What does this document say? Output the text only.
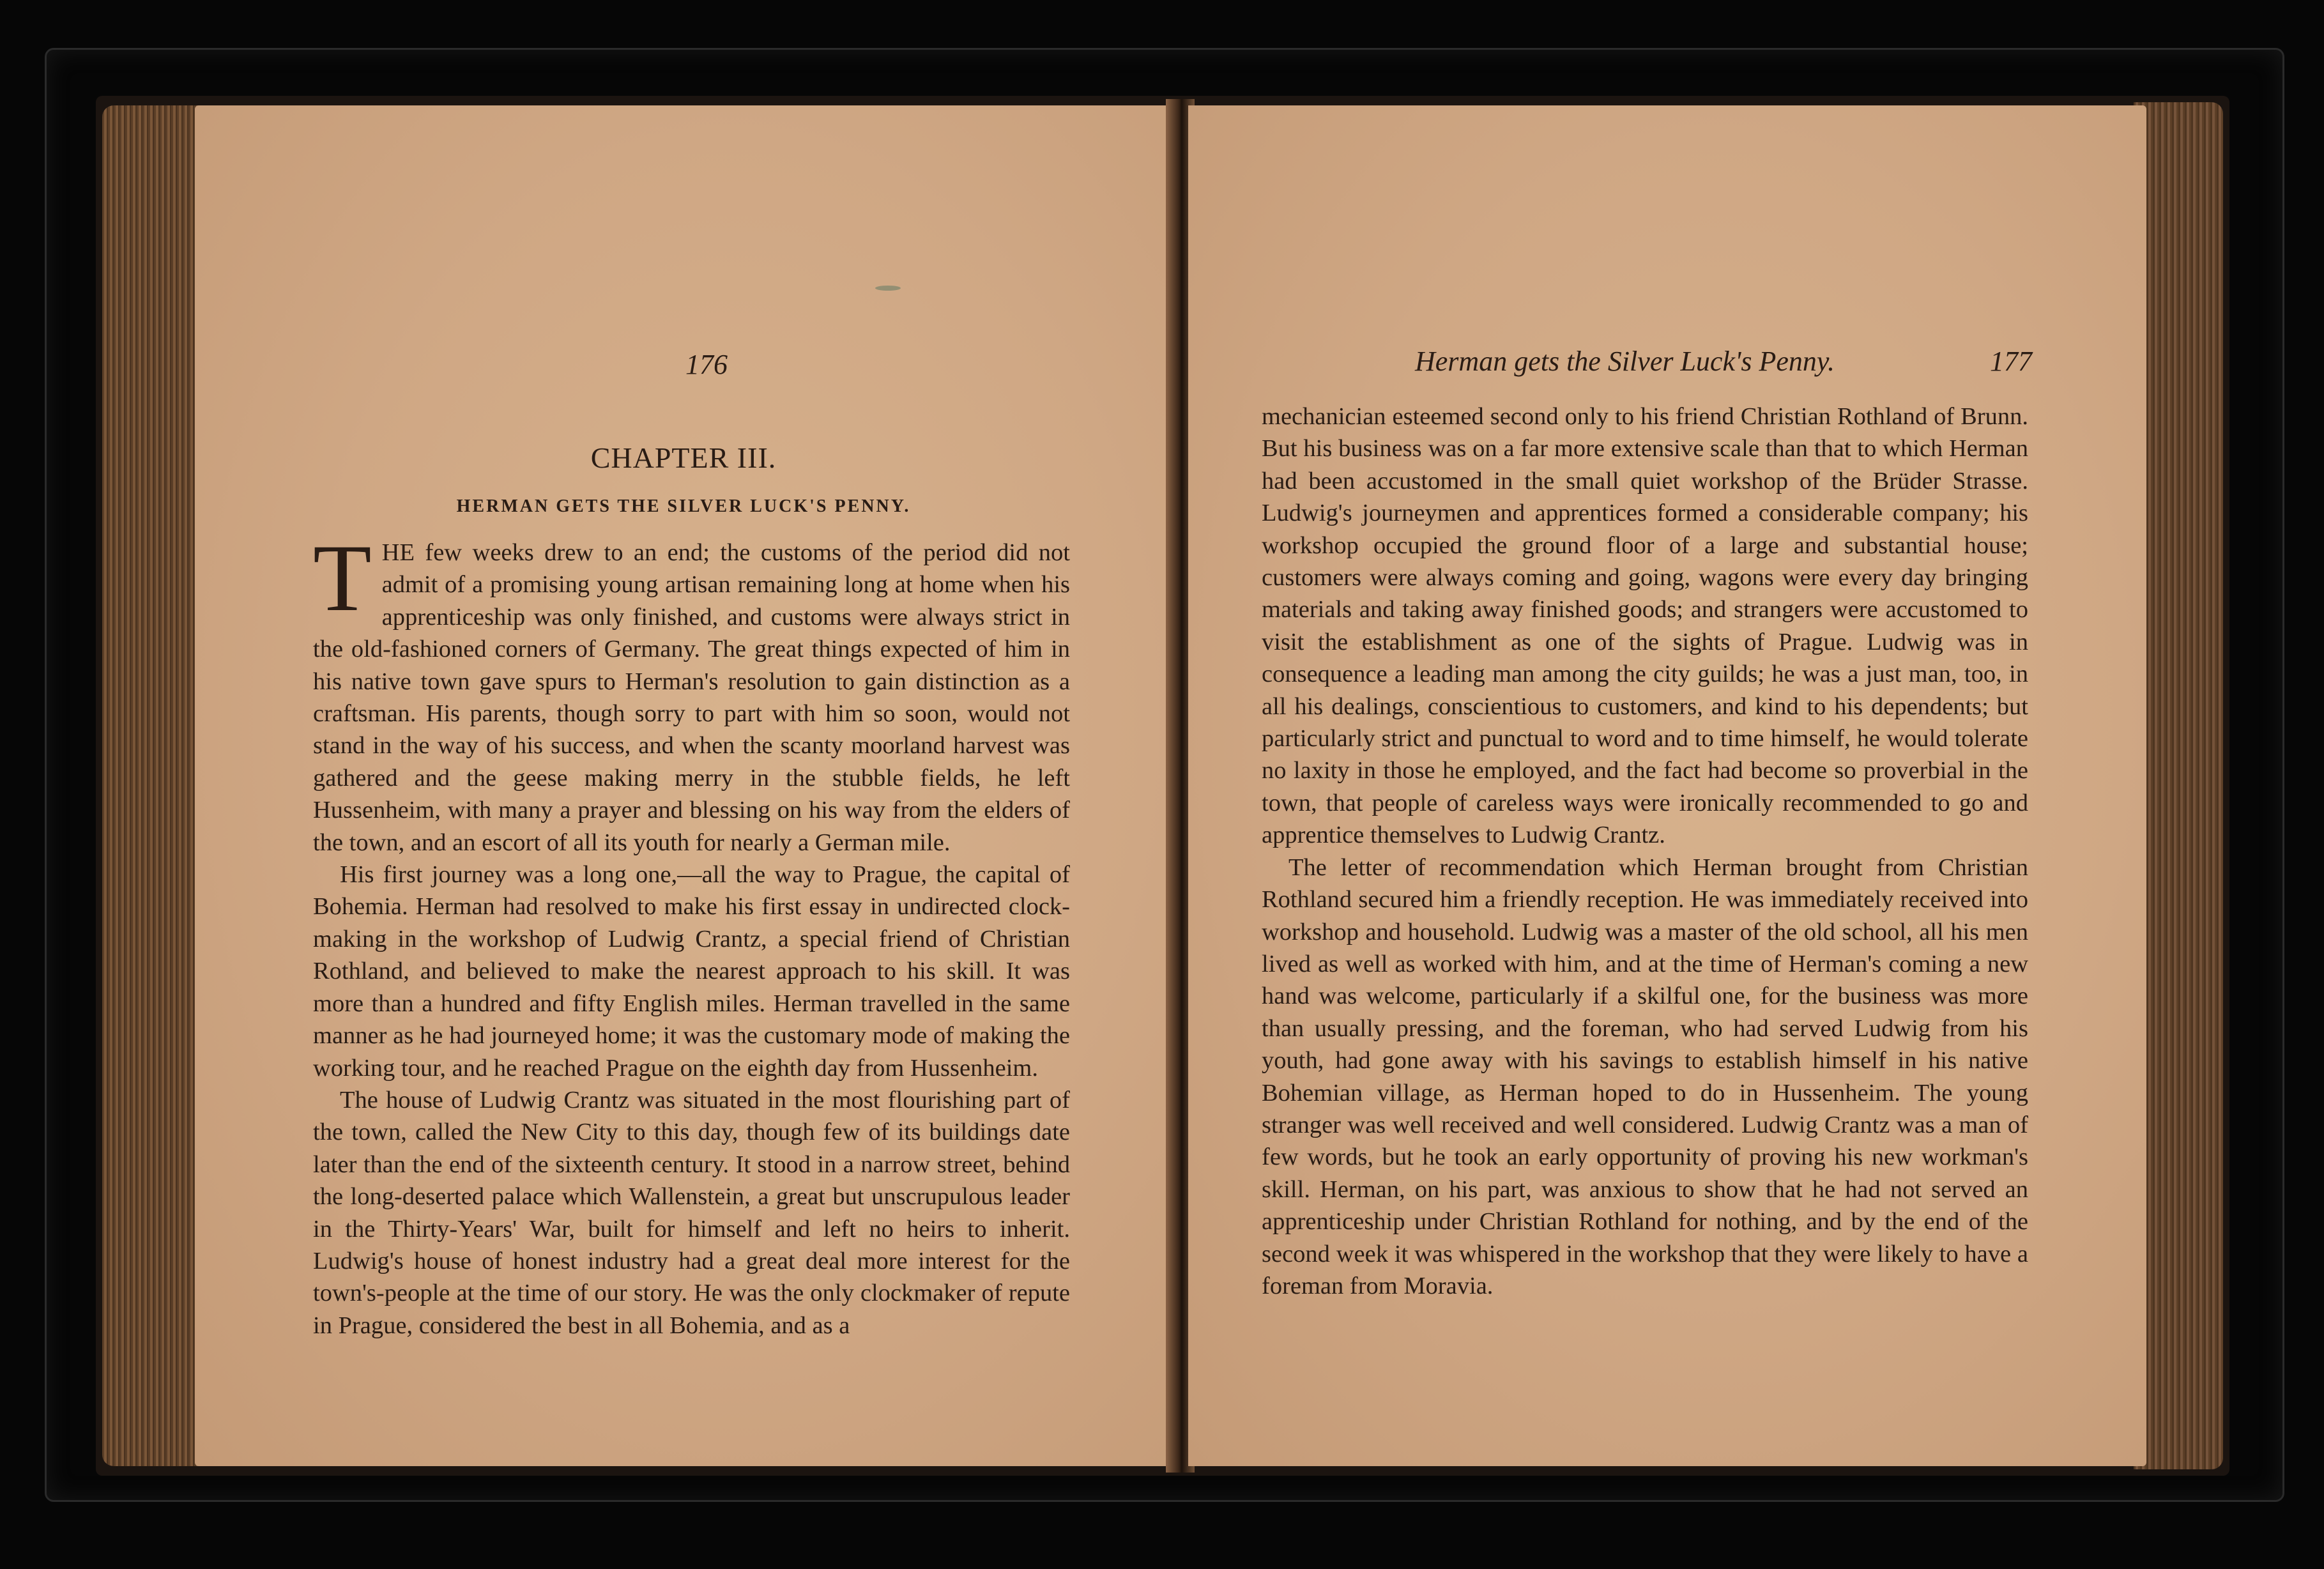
176
CHAPTER III.
HERMAN GETS THE SILVER LUCK'S PENNY.

THE few weeks drew to an end; the customs of the period did not admit of a promising young artisan remaining long at home when his apprenticeship was only finished, and customs were always strict in the old-fashioned corners of Germany. The great things expected of him in his native town gave spurs to Herman's resolution to gain distinction as a craftsman. His parents, though sorry to part with him so soon, would not stand in the way of his success, and when the scanty moorland harvest was gathered and the geese making merry in the stubble fields, he left Hussenheim, with many a prayer and blessing on his way from the elders of the town, and an escort of all its youth for nearly a German mile.

His first journey was a long one,—all the way to Prague, the capital of Bohemia. Herman had resolved to make his first essay in undirected clock-making in the workshop of Ludwig Crantz, a special friend of Christian Rothland, and believed to make the nearest approach to his skill. It was more than a hundred and fifty English miles. Herman travelled in the same manner as he had journeyed home; it was the customary mode of making the working tour, and he reached Prague on the eighth day from Hussenheim.

The house of Ludwig Crantz was situated in the most flourishing part of the town, called the New City to this day, though few of its buildings date later than the end of the sixteenth century. It stood in a narrow street, behind the long-deserted palace which Wallenstein, a great but unscrupulous leader in the Thirty-Years' War, built for himself and left no heirs to inherit. Ludwig's house of honest industry had a great deal more interest for the town's-people at the time of our story. He was the only clockmaker of repute in Prague, considered the best in all Bohemia, and as a

Herman gets the Silver Luck's Penny.	177

mechanician esteemed second only to his friend Christian Rothland of Brunn. But his business was on a far more extensive scale than that to which Herman had been accustomed in the small quiet workshop of the Brüder Strasse. Ludwig's journeymen and apprentices formed a considerable company; his workshop occupied the ground floor of a large and substantial house; customers were always coming and going, wagons were every day bringing materials and taking away finished goods; and strangers were accustomed to visit the establishment as one of the sights of Prague. Ludwig was in consequence a leading man among the city guilds; he was a just man, too, in all his dealings, conscientious to customers, and kind to his dependents; but particularly strict and punctual to word and to time himself, he would tolerate no laxity in those he employed, and the fact had become so proverbial in the town, that people of careless ways were ironically recommended to go and apprentice themselves to Ludwig Crantz.

The letter of recommendation which Herman brought from Christian Rothland secured him a friendly reception. He was immediately received into workshop and household. Ludwig was a master of the old school, all his men lived as well as worked with him, and at the time of Herman's coming a new hand was welcome, particularly if a skilful one, for the business was more than usually pressing, and the foreman, who had served Ludwig from his youth, had gone away with his savings to establish himself in his native Bohemian village, as Herman hoped to do in Hussenheim. The young stranger was well received and well considered. Ludwig Crantz was a man of few words, but he took an early opportunity of proving his new workman's skill. Herman, on his part, was anxious to show that he had not served an apprenticeship under Christian Rothland for nothing, and by the end of the second week it was whispered in the workshop that they were likely to have a foreman from Moravia.
